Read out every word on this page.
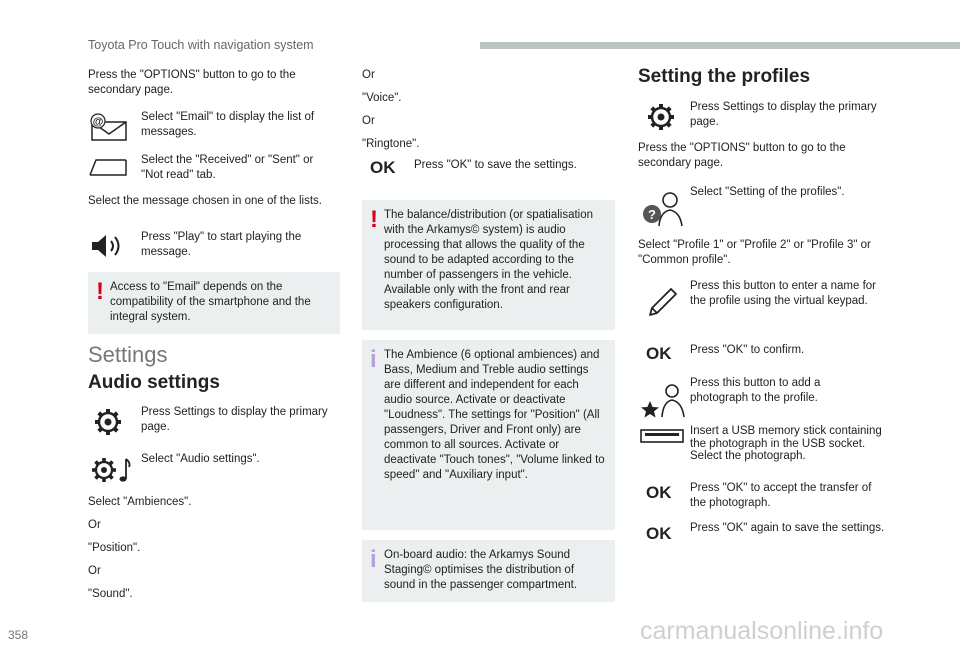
Toyota Pro Touch with navigation system
Press the "OPTIONS" button to go to the secondary page.
@	Select "Email" to display the list of messages.
Select the "Received" or "Sent" or "Not read" tab.
Select the message chosen in one of the lists.
Press "Play" to start playing the message.
! Access to "Email" depends on the compatibility of the smartphone and the integral system.
Settings
Audio settings
Press Settings to display the primary page.
Select "Audio settings".
Select "Ambiences".
Or
"Position".
Or
"Sound".
Or
"Voice".
Or
"Ringtone".
OK Press "OK" to save the settings.
! The balance/distribution (or spatialisation with the Arkamys© system) is audio processing that allows the quality of the sound to be adapted according to the number of passengers in the vehicle. Available only with the front and rear speakers configuration.
i The Ambience (6 optional ambiences) and Bass, Medium and Treble audio settings are different and independent for each audio source. Activate or deactivate "Loudness". The settings for "Position" (All passengers, Driver and Front only) are common to all sources. Activate or deactivate "Touch tones", "Volume linked to speed" and "Auxiliary input".
i On-board audio: the Arkamys Sound Staging© optimises the distribution of sound in the passenger compartment.
Setting the profiles
Press Settings to display the primary page.
Press the "OPTIONS" button to go to the secondary page.
?
Select "Setting of the profiles".
Select "Profile 1" or "Profile 2" or "Profile 3" or "Common profile".
Press this button to enter a name for the profile using the virtual keypad.
OK Press "OK" to confirm.
Press this button to add a photograph to the profile.
Insert a USB memory stick containing the photograph in the USB socket. Select the photograph.
OK Press "OK" to accept the transfer of the photograph.
OK Press "OK" again to save the settings.
358	carmanualsonline.info
